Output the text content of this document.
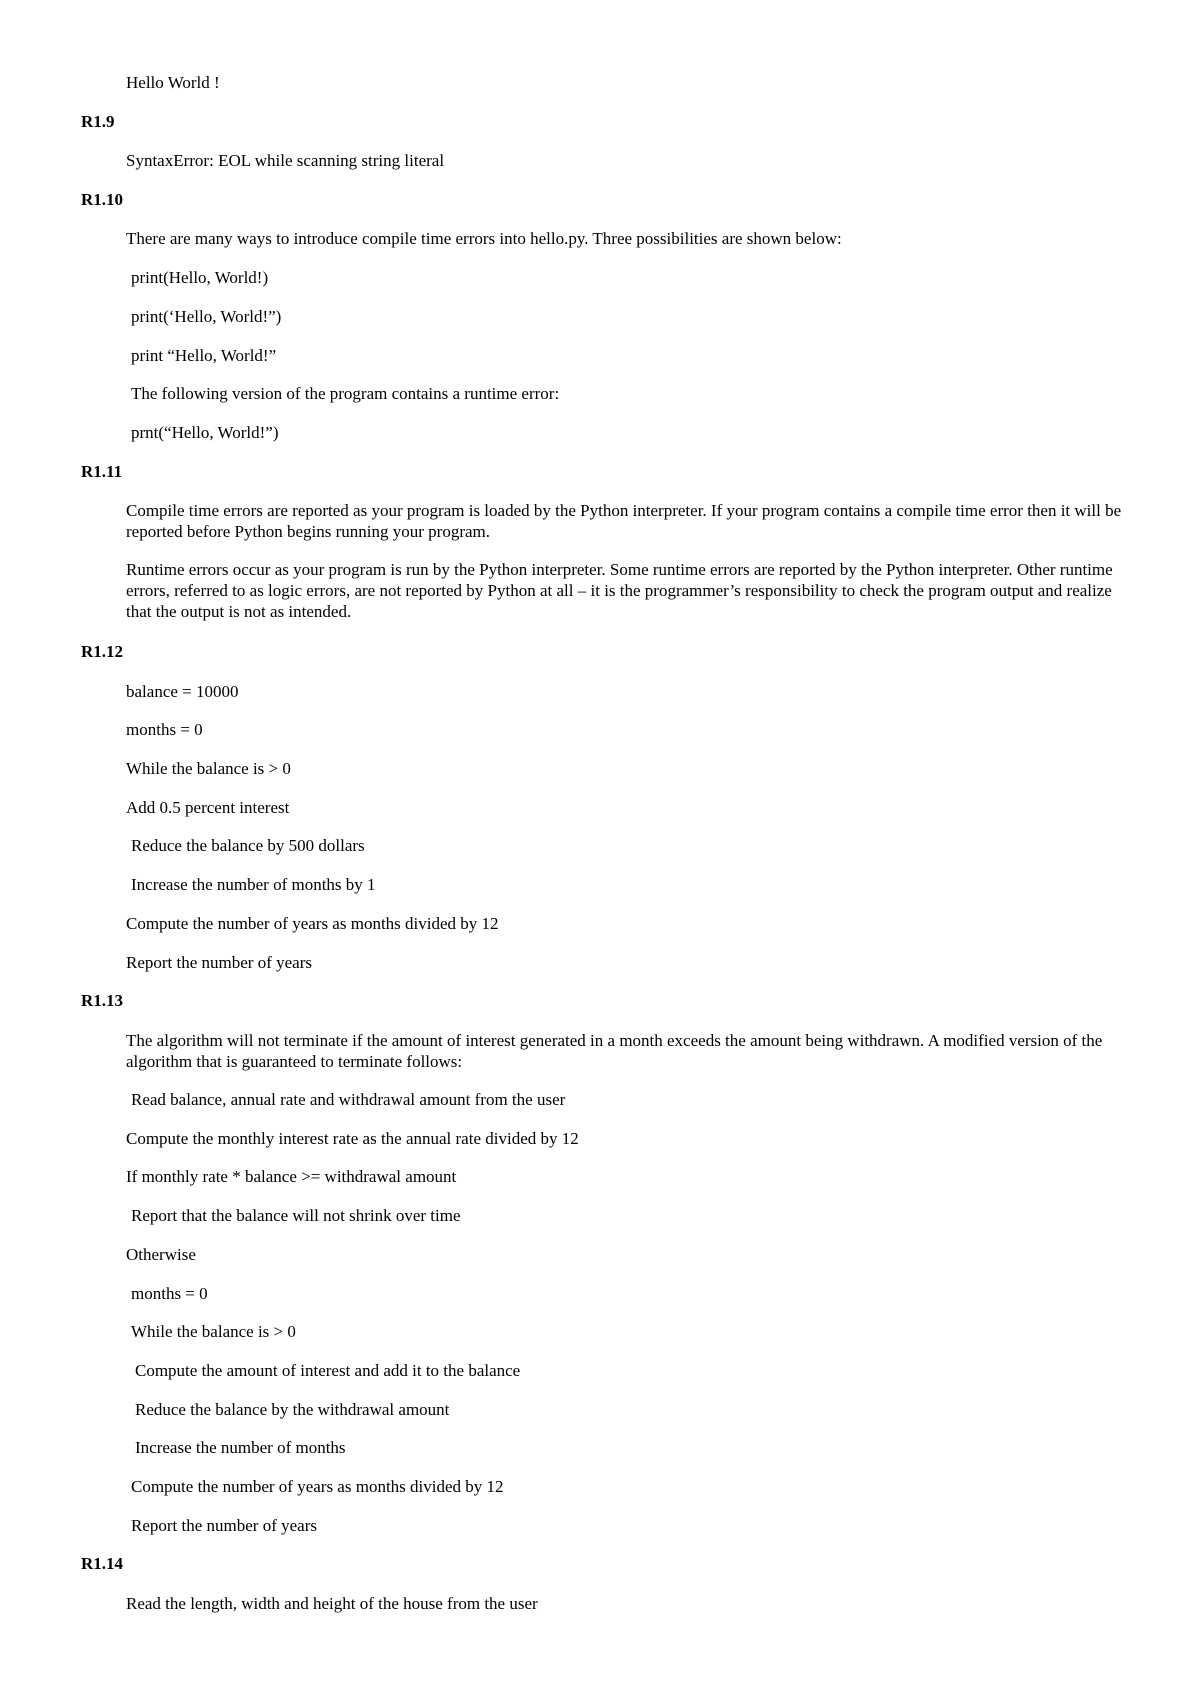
Hello World !
R1.9
SyntaxError: EOL while scanning string literal
R1.10
There are many ways to introduce compile time errors into hello.py. Three possibilities are shown below:
print(Hello, World!)
print(‘Hello, World!”)
print “Hello, World!”
The following version of the program contains a runtime error:
prnt(“Hello, World!”)
R1.11
Compile time errors are reported as your program is loaded by the Python interpreter. If your program contains a compile time error then it will be reported before Python begins running your program.
Runtime errors occur as your program is run by the Python interpreter. Some runtime errors are reported by the Python interpreter. Other runtime errors, referred to as logic errors, are not reported by Python at all – it is the programmer’s responsibility to check the program output and realize that the output is not as intended.
R1.12
balance = 10000
months = 0
While the balance is > 0
Add 0.5 percent interest
Reduce the balance by 500 dollars
Increase the number of months by 1
Compute the number of years as months divided by 12
Report the number of years
R1.13
The algorithm will not terminate if the amount of interest generated in a month exceeds the amount being withdrawn. A modified version of the algorithm that is guaranteed to terminate follows:
Read balance, annual rate and withdrawal amount from the user
Compute the monthly interest rate as the annual rate divided by 12
If monthly rate * balance >= withdrawal amount
Report that the balance will not shrink over time
Otherwise
months = 0
While the balance is > 0
Compute the amount of interest and add it to the balance
Reduce the balance by the withdrawal amount
Increase the number of months
Compute the number of years as months divided by 12
Report the number of years
R1.14
Read the length, width and height of the house from the user
